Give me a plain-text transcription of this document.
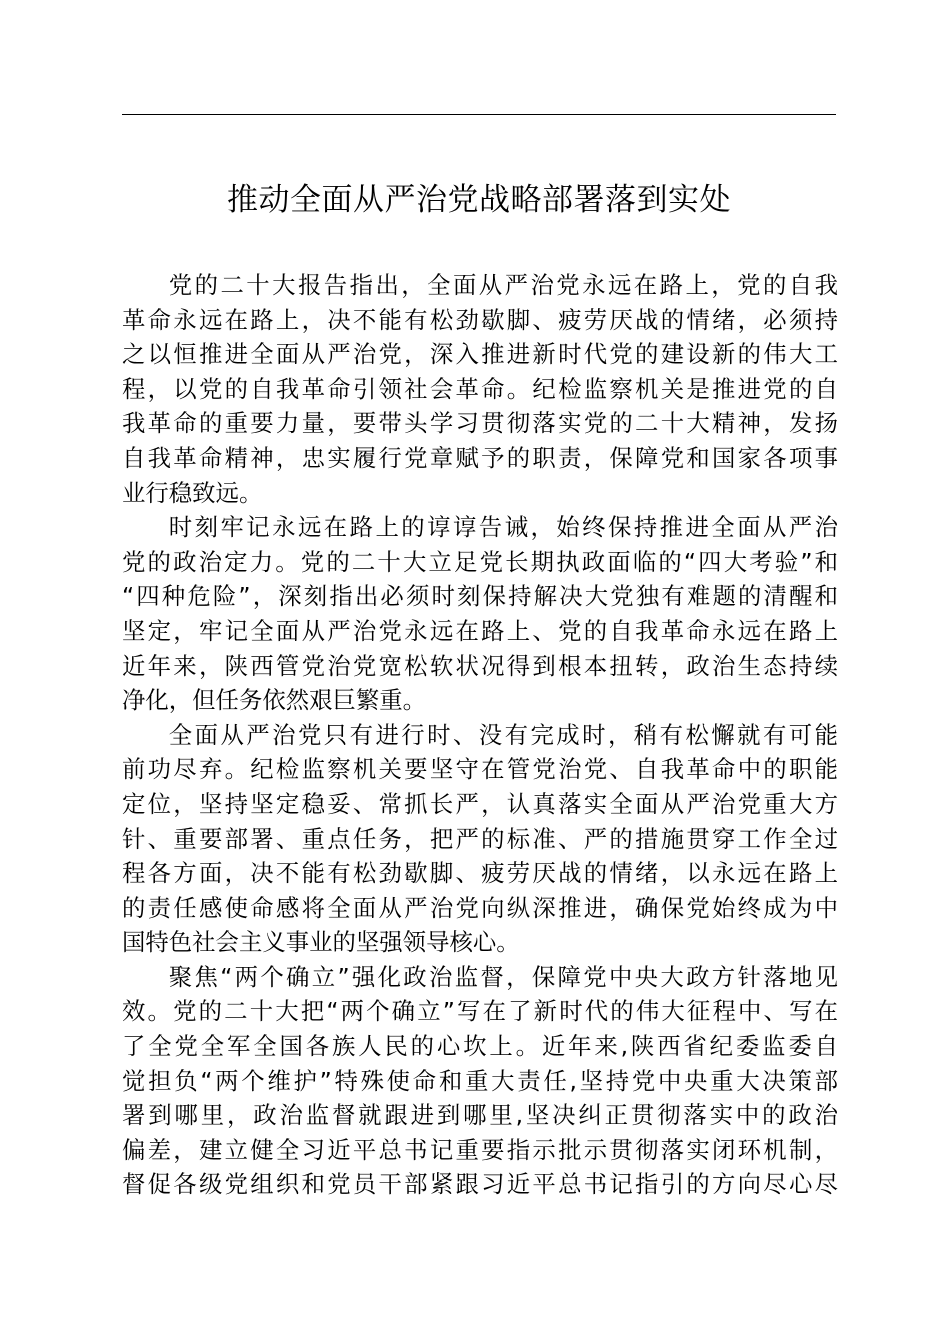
推动全面从严治党战略部署落到实处
党的二十大报告指出，全面从严治党永远在路上，党的自我
革命永远在路上，决不能有松劲歇脚、疲劳厌战的情绪，必须持
之以恒推进全面从严治党，深入推进新时代党的建设新的伟大工
程，以党的自我革命引领社会革命。纪检监察机关是推进党的自
我革命的重要力量，要带头学习贯彻落实党的二十大精神，发扬
自我革命精神，忠实履行党章赋予的职责，保障党和国家各项事
业行稳致远。
时刻牢记永远在路上的谆谆告诫，始终保持推进全面从严治
党的政治定力。党的二十大立足党长期执政面临的“四大考验”和
“四种危险”，深刻指出必须时刻保持解决大党独有难题的清醒和
坚定，牢记全面从严治党永远在路上、党的自我革命永远在路上
近年来，陕西管党治党宽松软状况得到根本扭转，政治生态持续
净化，但任务依然艰巨繁重。
全面从严治党只有进行时、没有完成时，稍有松懈就有可能
前功尽弃。纪检监察机关要坚守在管党治党、自我革命中的职能
定位，坚持坚定稳妥、常抓长严，认真落实全面从严治党重大方
针、重要部署、重点任务，把严的标准、严的措施贯穿工作全过
程各方面，决不能有松劲歇脚、疲劳厌战的情绪，以永远在路上
的责任感使命感将全面从严治党向纵深推进，确保党始终成为中
国特色社会主义事业的坚强领导核心。
聚焦“两个确立”强化政治监督，保障党中央大政方针落地见
效。党的二十大把“两个确立”写在了新时代的伟大征程中、写在
了全党全军全国各族人民的心坎上。近年来,陕西省纪委监委自
觉担负“两个维护”特殊使命和重大责任,坚持党中央重大决策部
署到哪里，政治监督就跟进到哪里,坚决纠正贯彻落实中的政治
偏差，建立健全习近平总书记重要指示批示贯彻落实闭环机制，
督促各级党组织和党员干部紧跟习近平总书记指引的方向尽心尽
